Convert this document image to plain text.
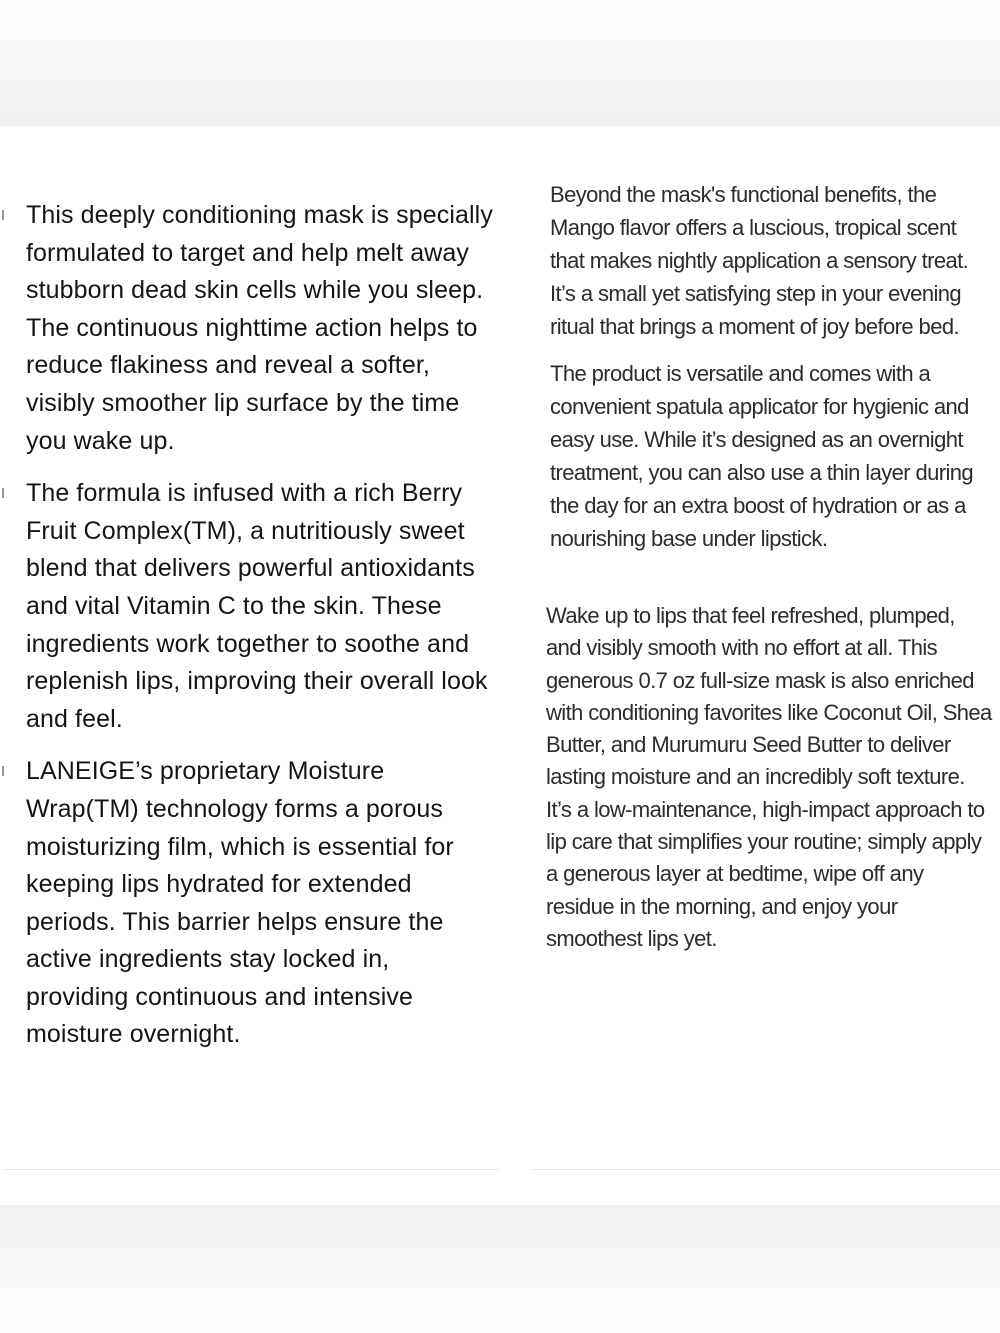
This deeply conditioning mask is specially formulated to target and help melt away stubborn dead skin cells while you sleep. The continuous nighttime action helps to reduce flakiness and reveal a softer, visibly smoother lip surface by the time you wake up.

The formula is infused with a rich Berry Fruit Complex(TM), a nutritiously sweet blend that delivers powerful antioxidants and vital Vitamin C to the skin. These ingredients work together to soothe and replenish lips, improving their overall look and feel.

LANEIGE’s proprietary Moisture Wrap(TM) technology forms a porous moisturizing film, which is essential for keeping lips hydrated for extended periods. This barrier helps ensure the active ingredients stay locked in, providing continuous and intensive moisture overnight.

Beyond the mask's functional benefits, the Mango flavor offers a luscious, tropical scent that makes nightly application a sensory treat. It’s a small yet satisfying step in your evening ritual that brings a moment of joy before bed.

The product is versatile and comes with a convenient spatula applicator for hygienic and easy use. While it’s designed as an overnight treatment, you can also use a thin layer during the day for an extra boost of hydration or as a nourishing base under lipstick.

Wake up to lips that feel refreshed, plumped, and visibly smooth with no effort at all. This generous 0.7 oz full-size mask is also enriched with conditioning favorites like Coconut Oil, Shea Butter, and Murumuru Seed Butter to deliver lasting moisture and an incredibly soft texture. It’s a low-maintenance, high-impact approach to lip care that simplifies your routine; simply apply a generous layer at bedtime, wipe off any residue in the morning, and enjoy your smoothest lips yet.
